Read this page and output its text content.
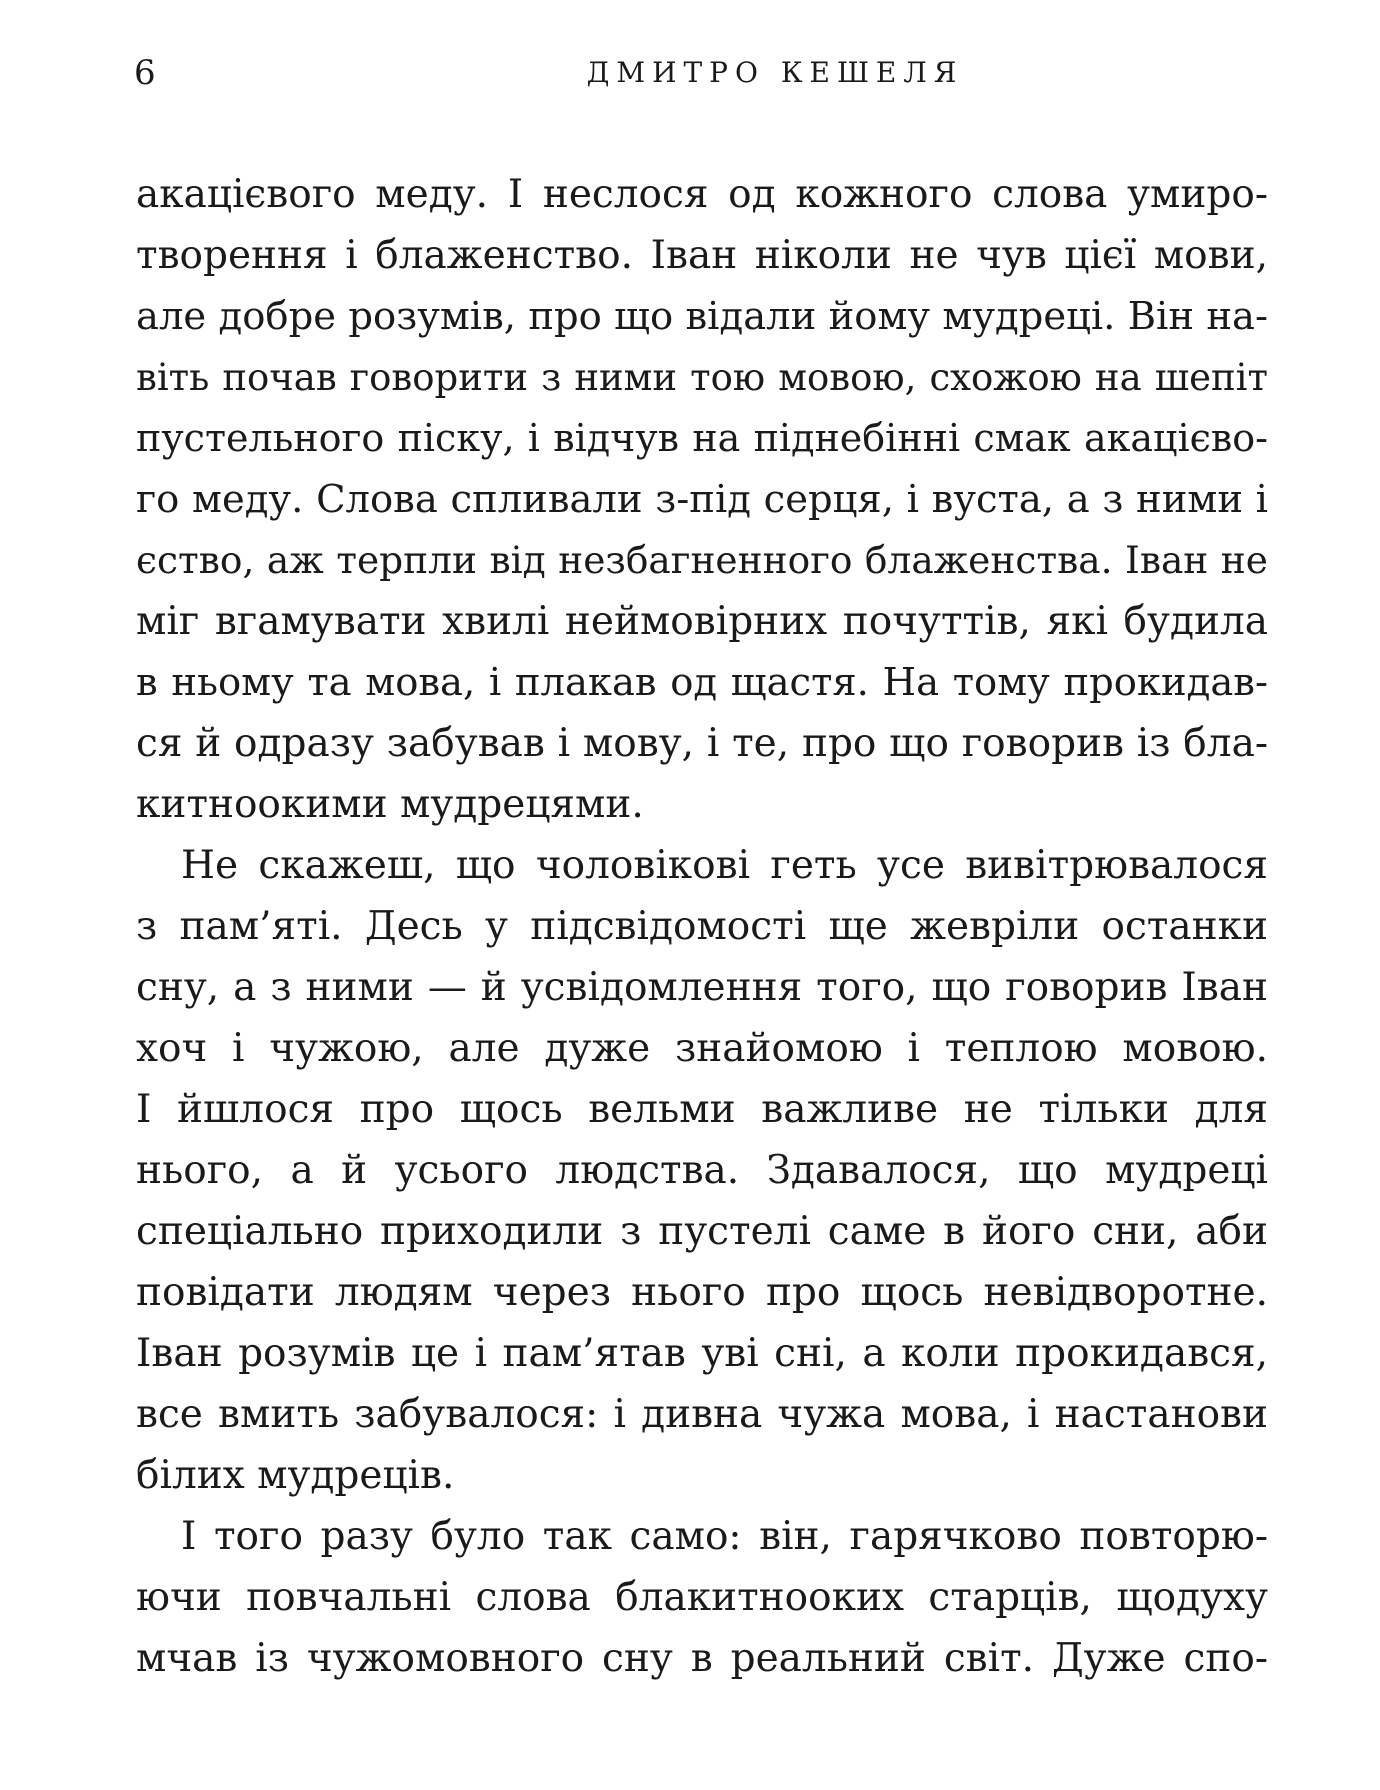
6	ДМИТРО КЕШЕЛЯ
акацієвого меду. І неслося од кожного слова умиро-
творення і блаженство. Іван ніколи не чув цієї мови,
але добре розумів, про що відали йому мудреці. Він на-
віть почав говорити з ними тою мовою, схожою на шепіт
пустельного піску, і відчув на піднебінні смак акацієво-
го меду. Слова спливали з-під серця, і вуста, а з ними і
єство, аж терпли від незбагненного блаженства. Іван не
міг вгамувати хвилі неймовірних почуттів, які будила
в ньому та мова, і плакав од щастя. На тому прокидав-
ся й одразу забував і мову, і те, про що говорив із бла-
китноокими мудрецями.
Не скажеш, що чоловікові геть усе вивітрювалося
з пам’яті. Десь у підсвідомості ще жевріли останки
сну, а з ними — й усвідомлення того, що говорив Іван
хоч і чужою, але дуже знайомою і теплою мовою.
І йшлося про щось вельми важливе не тільки для
нього, а й усього людства. Здавалося, що мудреці
спеціально приходили з пустелі саме в його сни, аби
повідати людям через нього про щось невідворотне.
Іван розумів це і пам’ятав уві сні, а коли прокидався,
все вмить забувалося: і дивна чужа мова, і настанови
білих мудреців.
І того разу було так само: він, гарячково повторю-
ючи повчальні слова блакитнооких старців, щодуху
мчав із чужомовного сну в реальний світ. Дуже спо-
